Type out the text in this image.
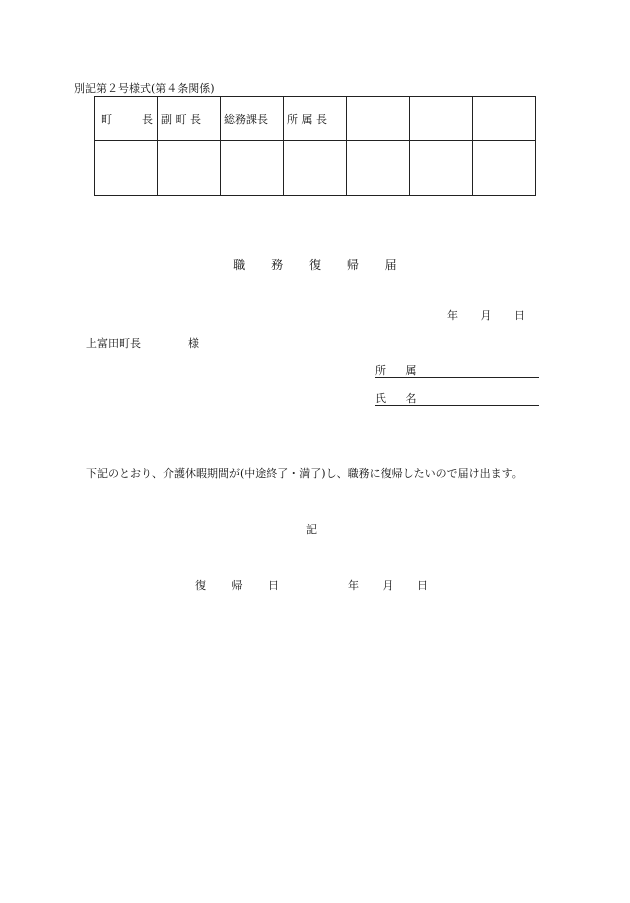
別記第２号様式(第４条関係)
町 長	副 町 長	総務課長	所 属 長			

職 務 復 帰 届
年 月 日
上富田町長	様
所 属
氏 名
下記のとおり、介護休暇期間が(中途終了・満了)し、職務に復帰したいので届け出ます。
記
復 帰 日	年 月 日
